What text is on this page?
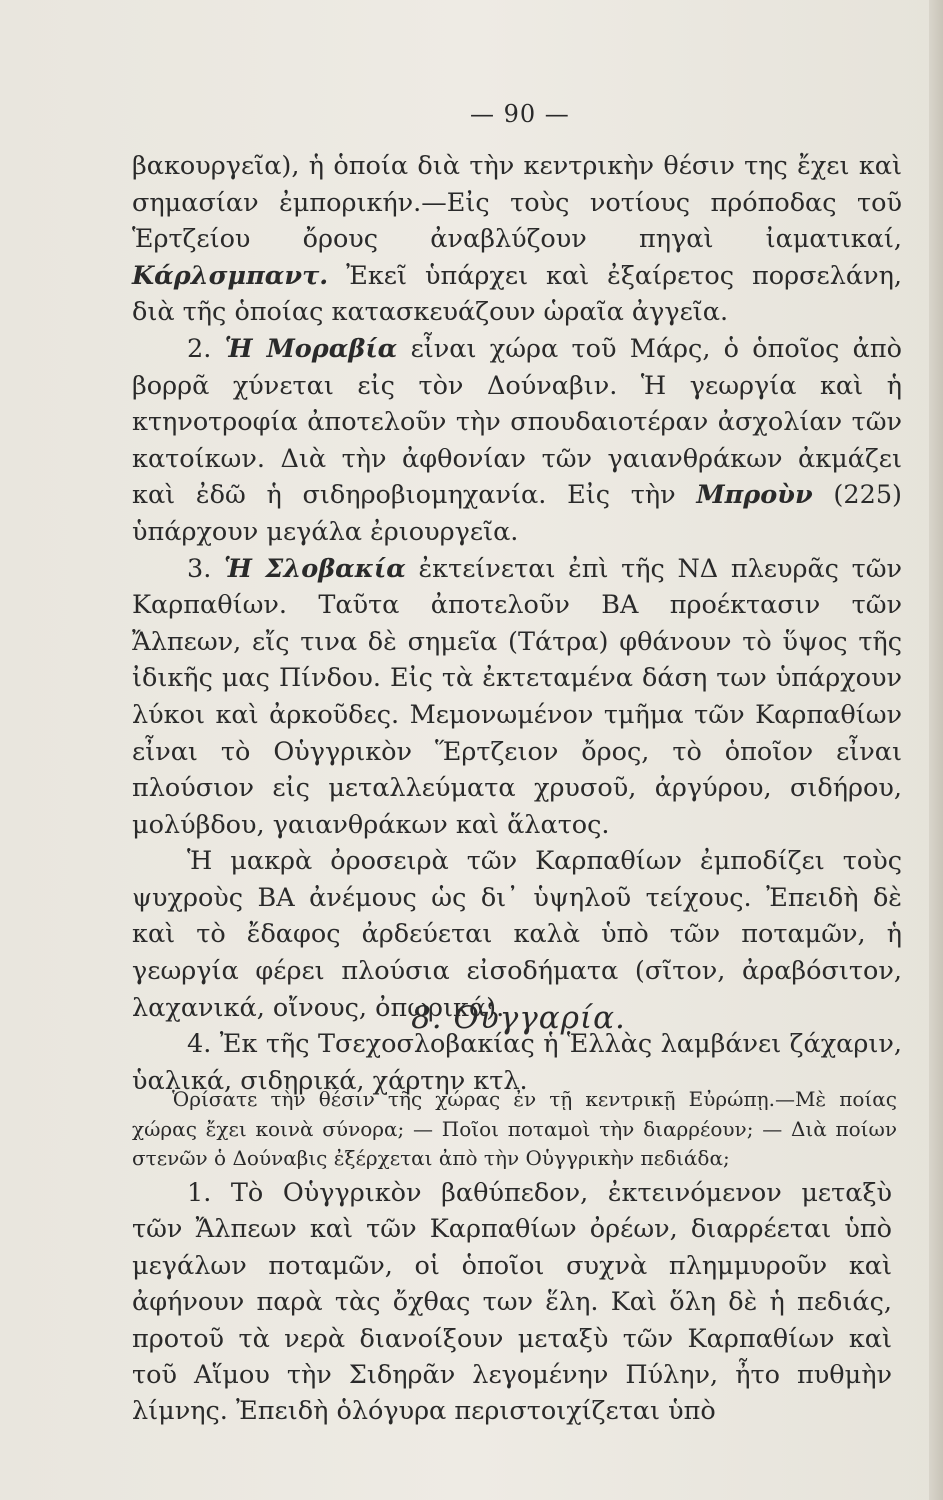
— 90 —

βακουργεῖα), ἡ ὁποία διὰ τὴν κεντρικὴν θέσιν της ἔχει καὶ σημασίαν ἐμπορικήν.—Εἰς τοὺς νοτίους πρόποδας τοῦ Ἑρτζείου ὄρους ἀναβλύζουν πηγαὶ ἰαματικαί, Κάρλσμπαντ. Ἐκεῖ ὑπάρχει καὶ ἐξαίρετος πορσελάνη, διὰ τῆς ὁποίας κατασκευάζουν ὡραῖα ἀγγεῖα.

2. Ἡ Μοραβία εἶναι χώρα τοῦ Μάρς, ὁ ὁποῖος ἀπὸ βορρᾶ χύνεται εἰς τὸν Δούναβιν. Ἡ γεωργία καὶ ἡ κτηνοτροφία ἀποτελοῦν τὴν σπουδαιοτέραν ἀσχολίαν τῶν κατοίκων. Διὰ τὴν ἀφθονίαν τῶν γαιανθράκων ἀκμάζει καὶ ἐδῶ ἡ σιδηροβιομηχανία. Εἰς τὴν Μπροὺν (225) ὑπάρχουν μεγάλα ἐριουργεῖα.

3. Ἡ Σλοβακία ἐκτείνεται ἐπὶ τῆς ΝΔ πλευρᾶς τῶν Καρπαθίων. Ταῦτα ἀποτελοῦν ΒΑ προέκτασιν τῶν Ἄλπεων, εἴς τινα δὲ σημεῖα (Τάτρα) φθάνουν τὸ ὕψος τῆς ἰδικῆς μας Πίνδου. Εἰς τὰ ἐκτεταμένα δάση των ὑπάρχουν λύκοι καὶ ἀρκοῦδες. Μεμονωμένον τμῆμα τῶν Καρπαθίων εἶναι τὸ Οὑγγρικὸν Ἕρτζειον ὄρος, τὸ ὁποῖον εἶναι πλούσιον εἰς μεταλλεύματα χρυσοῦ, ἀργύρου, σιδήρου, μολύβδου, γαιανθράκων καὶ ἅλατος.

Ἡ μακρὰ ὀροσειρὰ τῶν Καρπαθίων ἐμποδίζει τοὺς ψυχροὺς ΒΑ ἀνέμους ὡς δι᾿ ὑψηλοῦ τείχους. Ἐπειδὴ δὲ καὶ τὸ ἔδαφος ἀρδεύεται καλὰ ὑπὸ τῶν ποταμῶν, ἡ γεωργία φέρει πλούσια εἰσοδήματα (σῖτον, ἀραβόσιτον, λαχανικά, οἴνους, ὀπωρικά).

4. Ἐκ τῆς Τσεχοσλοβακίας ἡ Ἑλλὰς λαμβάνει ζάχαριν, ὑαλικά, σιδηρικά, χάρτην κτλ.

8. Οὑγγαρία.

Ὁρίσατε τὴν θέσιν τῆς χώρας ἐν τῇ κεντρικῇ Εὐρώπῃ.—Μὲ ποίας χώρας ἔχει κοινὰ σύνορα; — Ποῖοι ποταμοὶ τὴν διαρρέουν; — Διὰ ποίων στενῶν ὁ Δούναβις ἐξέρχεται ἀπὸ τὴν Οὑγγρικὴν πεδιάδα;

1. Τὸ Οὑγγρικὸν βαθύπεδον, ἐκτεινόμενον μεταξὺ τῶν Ἄλπεων καὶ τῶν Καρπαθίων ὀρέων, διαρρέεται ὑπὸ μεγάλων ποταμῶν, οἱ ὁποῖοι συχνὰ πλημμυροῦν καὶ ἀφήνουν παρὰ τὰς ὄχθας των ἕλη. Καὶ ὅλη δὲ ἡ πεδιάς, προτοῦ τὰ νερὰ διανοίξουν μεταξὺ τῶν Καρπαθίων καὶ τοῦ Αἵμου τὴν Σιδηρᾶν λεγομένην Πύλην, ἦτο πυθμὴν λίμνης. Ἐπειδὴ ὁλόγυρα περιστοιχίζεται ὑπὸ
